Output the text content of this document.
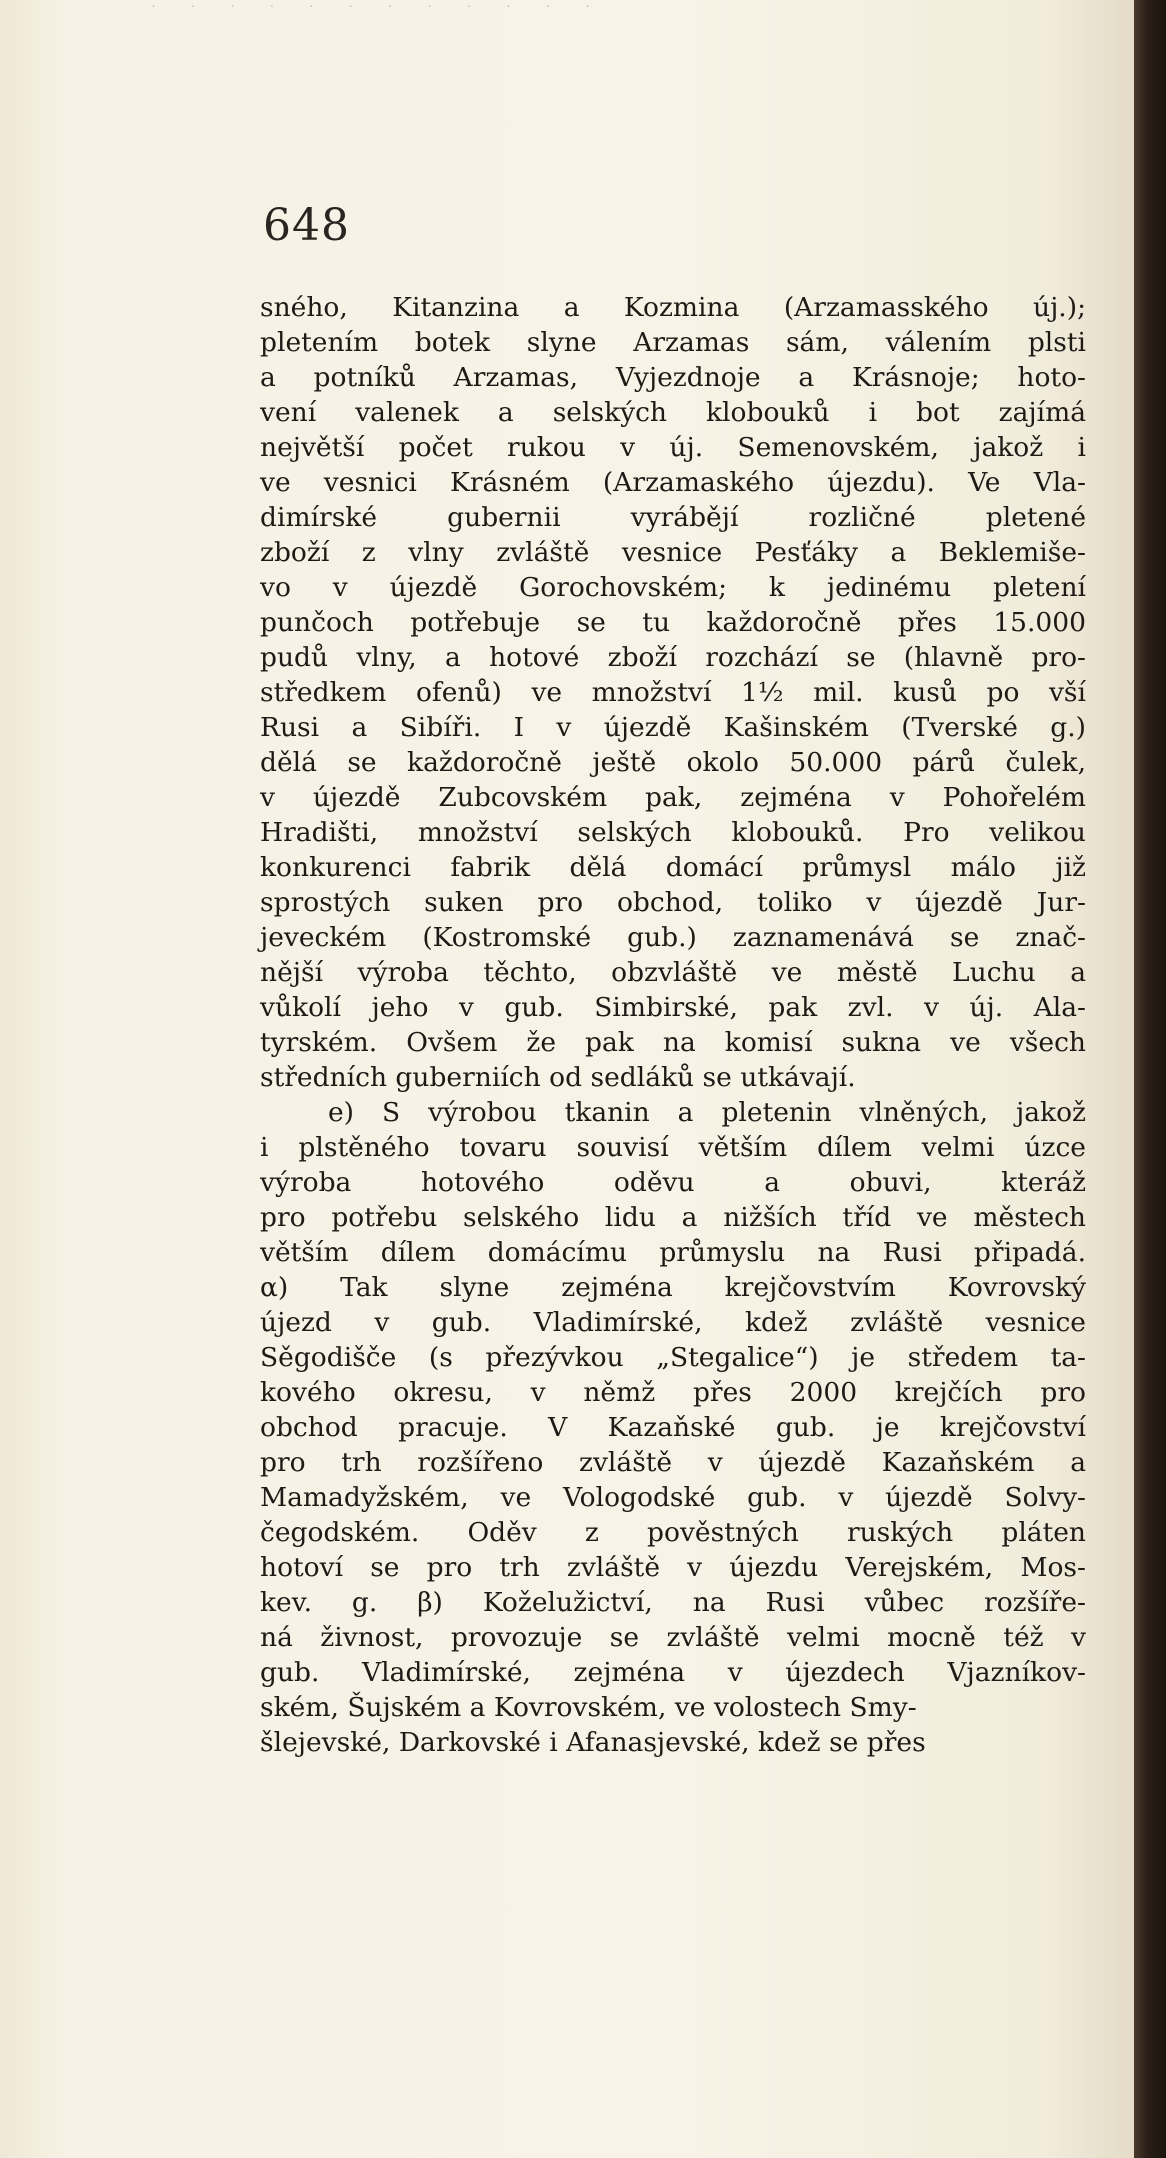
˙ ˙ ˙ ˙ ˙ ˙ ˙ ˙ ˙ ˙ ˙ ˙
648
sného, Kitanzina a Kozmina (Arzamasského új.);
pletením botek slyne Arzamas sám, válením plsti
a potníků Arzamas, Vyjezdnoje a Krásnoje; hoto-
vení valenek a selských klobouků i bot zajímá
největší počet rukou v új. Semenovském, jakož i
ve vesnici Krásném (Arzamaského újezdu). Ve Vla-
dimírské gubernii vyrábějí rozličné pletené
zboží z vlny zvláště vesnice Pesťáky a Beklemiše-
vo v újezdě Gorochovském; k jedinému pletení
punčoch potřebuje se tu každoročně přes 15.000
pudů vlny, a hotové zboží rozchází se (hlavně pro-
středkem ofenů) ve množství 1½ mil. kusů po vší
Rusi a Sibíři. I v újezdě Kašinském (Tverské g.)
dělá se každoročně ještě okolo 50.000 párů čulek,
v újezdě Zubcovském pak, zejména v Pohořelém
Hradišti, množství selských klobouků. Pro velikou
konkurenci fabrik dělá domácí průmysl málo již
sprostých suken pro obchod, toliko v újezdě Jur-
jeveckém (Kostromské gub.) zaznamenává se znač-
nější výroba těchto, obzvláště ve městě Luchu a
vůkolí jeho v gub. Simbirské, pak zvl. v új. Ala-
tyrském. Ovšem že pak na komisí sukna ve všech
středních guberniích od sedláků se utkávají.
e) S výrobou tkanin a pletenin vlněných, jakož
i plstěného tovaru souvisí větším dílem velmi úzce
výroba hotového oděvu a obuvi, kteráž
pro potřebu selského lidu a nižších tříd ve městech
větším dílem domácímu průmyslu na Rusi připadá.
α) Tak slyne zejména krejčovstvím Kovrovský
újezd v gub. Vladimírské, kdež zvláště vesnice
Sěgodišče (s přezývkou „Stegalice“) je středem ta-
kového okresu, v němž přes 2000 krejčích pro
obchod pracuje. V Kazaňské gub. je krejčovství
pro trh rozšířeno zvláště v újezdě Kazaňském a
Mamadyžském, ve Vologodské gub. v újezdě Solvy-
čegodském. Oděv z pověstných ruských pláten
hotoví se pro trh zvláště v újezdu Verejském, Mos-
kev. g. β) Koželužictví, na Rusi vůbec rozšíře-
ná živnost, provozuje se zvláště velmi mocně též v
gub. Vladimírské, zejména v újezdech Vjazníkov-
ském, Šujském a Kovrovském, ve volostech Smy-
šlejevské, Darkovské i Afanasjevské, kdež se přes
